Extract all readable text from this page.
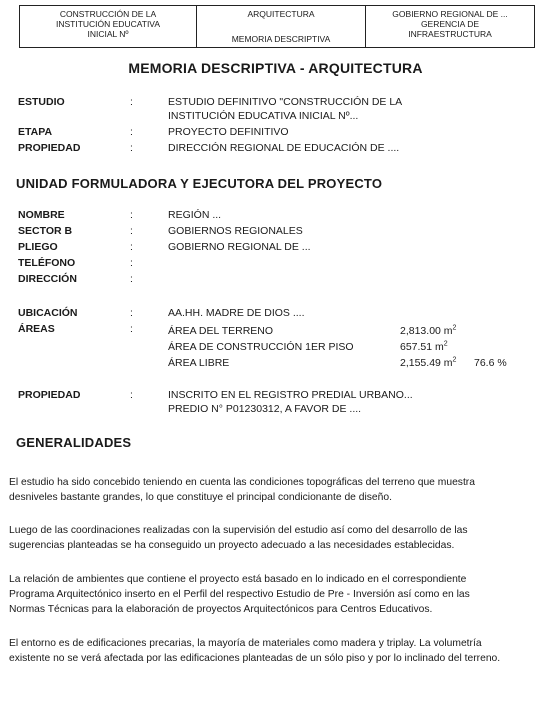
CONSTRUCCIÓN DE LA
INSTITUCIÓN EDUCATIVA
INICIAL Nº
ARQUITECTURA
MEMORIA DESCRIPTIVA
GOBIERNO REGIONAL DE ...
GERENCIA DE
INFRAESTRUCTURA
MEMORIA DESCRIPTIVA - ARQUITECTURA
ESTUDIO	:	ESTUDIO DEFINITIVO "CONSTRUCCIÓN DE LA
INSTITUCIÓN EDUCATIVA INICIAL Nº...
ETAPA	:	PROYECTO DEFINITIVO
PROPIEDAD	:	DIRECCIÓN REGIONAL DE EDUCACIÓN DE ....
UNIDAD FORMULADORA Y EJECUTORA DEL PROYECTO
NOMBRE	:	REGIÓN ...
SECTOR B	:	GOBIERNOS REGIONALES
PLIEGO	:	GOBIERNO REGIONAL DE ...
TELÉFONO	:
DIRECCIÓN	:
UBICACIÓN	:	AA.HH. MADRE DE DIOS ....
ÁREAS	:	ÁREA DEL TERRENO	2,813.00 $m^2$
ÁREA DE CONSTRUCCIÓN 1ER PISO	657.51 $m^2$
ÁREA LIBRE	2,155.49 $m^2$ 76.6 %
PROPIEDAD	:	INSCRITO EN EL REGISTRO PREDIAL URBANO...
PREDIO N° P01230312, A FAVOR DE ....
GENERALIDADES
El estudio ha sido concebido teniendo en cuenta las condiciones topográficas del terreno que muestra
desniveles bastante grandes, lo que constituye el principal condicionante de diseño.
Luego de las coordinaciones realizadas con la supervisión del estudio así como del desarrollo de las
sugerencias planteadas se ha conseguido un proyecto adecuado a las necesidades establecidas.
La relación de ambientes que contiene el proyecto está basado en lo indicado en el correspondiente
Programa Arquitectónico inserto en el Perfil del respectivo Estudio de Pre - Inversión así como en las
Normas Técnicas para la elaboración de proyectos Arquitectónicos para Centros Educativos.
El entorno es de edificaciones precarias, la mayoría de materiales como madera y triplay. La volumetría
existente no se verá afectada por las edificaciones planteadas de un sólo piso y por lo inclinado del terreno.
